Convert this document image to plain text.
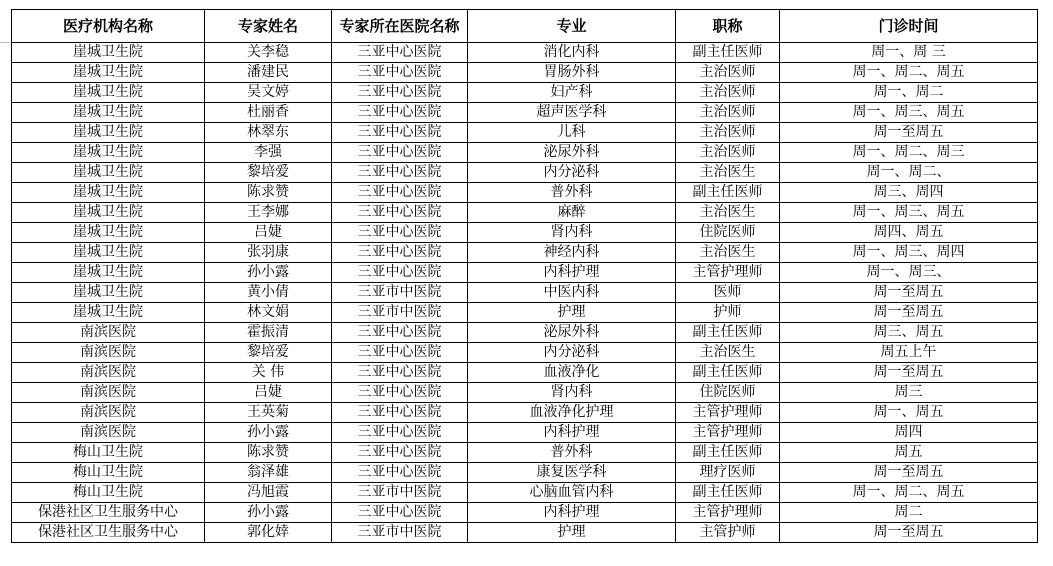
医疗机构名称	专家姓名	专家所在医院名称	专业	职称	门诊时间
崖城卫生院	关李稳	三亚中心医院	消化内科	副主任医师	周一、周 三
崖城卫生院	潘建民	三亚中心医院	胃肠外科	主治医师	周一、周二、周五
崖城卫生院	吴文婷	三亚中心医院	妇产科	主治医师	周一、周二
崖城卫生院	杜丽香	三亚中心医院	超声医学科	主治医师	周一、周三、周五
崖城卫生院	林翠东	三亚中心医院	儿科	主治医师	周一至周五
崖城卫生院	李强	三亚中心医院	泌尿外科	主治医师	周一、周二、周三
崖城卫生院	黎培爱	三亚中心医院	内分泌科	主治医生	周一、周二、
崖城卫生院	陈求赞	三亚中心医院	普外科	副主任医师	周三、周四
崖城卫生院	王李娜	三亚中心医院	麻醉	主治医生	周一、周三、周五
崖城卫生院	吕婕	三亚中心医院	肾内科	住院医师	周四、周五
崖城卫生院	张羽康	三亚中心医院	神经内科	主治医生	周一、周三、周四
崖城卫生院	孙小露	三亚中心医院	内科护理	主管护理师	周一、周三、
崖城卫生院	黄小倩	三亚市中医院	中医内科	医师	周一至周五
崖城卫生院	林文娟	三亚市中医院	护理	护师	周一至周五
南滨医院	霍振清	三亚中心医院	泌尿外科	副主任医师	周三、周五
南滨医院	黎培爱	三亚中心医院	内分泌科	主治医生	周五上午
南滨医院	关 伟	三亚中心医院	血液净化	副主任医师	周一至周五
南滨医院	吕婕	三亚中心医院	肾内科	住院医师	周三
南滨医院	王英菊	三亚中心医院	血液净化护理	主管护理师	周一、周五
南滨医院	孙小露	三亚中心医院	内科护理	主管护理师	周四
梅山卫生院	陈求赞	三亚中心医院	普外科	副主任医师	周五
梅山卫生院	翁泽雄	三亚中心医院	康复医学科	理疗医师	周一至周五
梅山卫生院	冯旭霞	三亚市中医院	心脑血管内科	副主任医师	周一、周二、周五
保港社区卫生服务中心	孙小露	三亚中心医院	内科护理	主管护理师	周二
保港社区卫生服务中心	郭化婞	三亚市中医院	护理	主管护师	周一至周五
